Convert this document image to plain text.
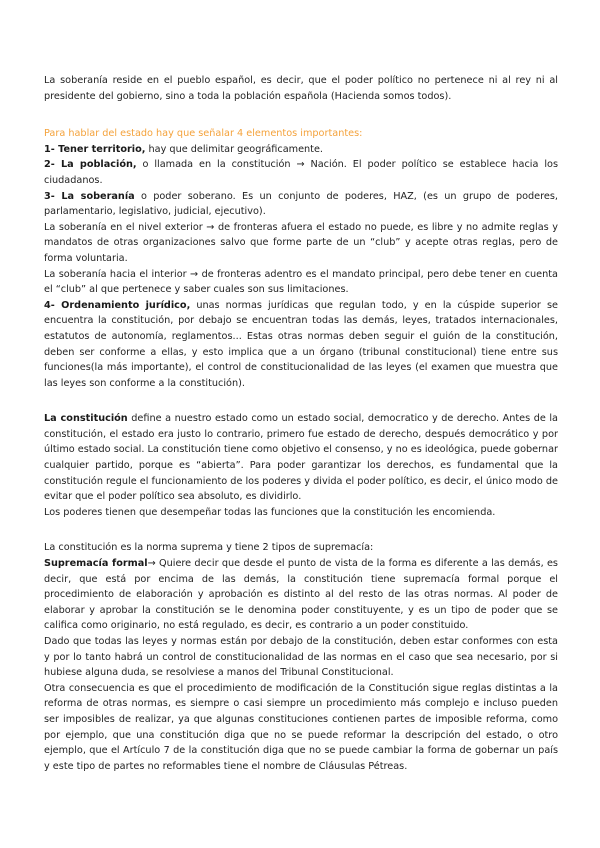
La soberanía reside en el pueblo español, es decir, que el poder político no pertenece ni al rey ni al presidente del gobierno, sino a toda la población española (Hacienda somos todos).

Para hablar del estado hay que señalar 4 elementos importantes:

1- Tener territorio, hay que delimitar geográficamente.

2- La población, o llamada en la constitución → Nación. El poder político se establece hacia los ciudadanos.

3- La soberanía o poder soberano. Es un conjunto de poderes, HAZ, (es un grupo de poderes, parlamentario, legislativo, judicial, ejecutivo).

La soberanía en el nivel exterior → de fronteras afuera el estado no puede, es libre y no admite reglas y mandatos de otras organizaciones salvo que forme parte de un “club” y acepte otras reglas, pero de forma voluntaria.

La soberanía hacia el interior → de fronteras adentro es el mandato principal, pero debe tener en cuenta el “club” al que pertenece y saber cuales son sus limitaciones.

4- Ordenamiento jurídico, unas normas jurídicas que regulan todo, y en la cúspide superior se encuentra la constitución, por debajo se encuentran todas las demás, leyes, tratados internacionales, estatutos de autonomía, reglamentos... Estas otras normas deben seguir el guión de la constitución, deben ser conforme a ellas, y esto implica que a un órgano (tribunal constitucional) tiene entre sus funciones(la más importante), el control de constitucionalidad de las leyes (el examen que muestra que las leyes son conforme a la constitución).

La constitución define a nuestro estado como un estado social, democratico y de derecho. Antes de la constitución, el estado era justo lo contrario, primero fue estado de derecho, después democrático y por último estado social. La constitución tiene como objetivo el consenso, y no es ideológica, puede gobernar cualquier partido, porque es “abierta”. Para poder garantizar los derechos, es fundamental que la constitución regule el funcionamiento de los poderes y divida el poder político, es decir, el único modo de evitar que el poder político sea absoluto, es dividirlo.

Los poderes tienen que desempeñar todas las funciones que la constitución les encomienda.

La constitución es la norma suprema y tiene 2 tipos de supremacía:

Supremacía formal→ Quiere decir que desde el punto de vista de la forma es diferente a las demás, es decir, que está por encima de las demás, la constitución tiene supremacía formal porque el procedimiento de elaboración y aprobación es distinto al del resto de las otras normas. Al poder de elaborar y aprobar la constitución se le denomina poder constituyente, y es un tipo de poder que se califica como originario, no está regulado, es decir, es contrario a un poder constituido.

Dado que todas las leyes y normas están por debajo de la constitución, deben estar conformes con esta y por lo tanto habrá un control de constitucionalidad de las normas en el caso que sea necesario, por si hubiese alguna duda, se resolviese a manos del Tribunal Constitucional.

Otra consecuencia es que el procedimiento de modificación de la Constitución sigue reglas distintas a la reforma de otras normas, es siempre o casi siempre un procedimiento más complejo e incluso pueden ser imposibles de realizar, ya que algunas constituciones contienen partes de imposible reforma, como por ejemplo, que una constitución diga que no se puede reformar la descripción del estado, o otro ejemplo, que el Artículo 7 de la constitución diga que no se puede cambiar la forma de gobernar un país y este tipo de partes no reformables tiene el nombre de Cláusulas Pétreas.
